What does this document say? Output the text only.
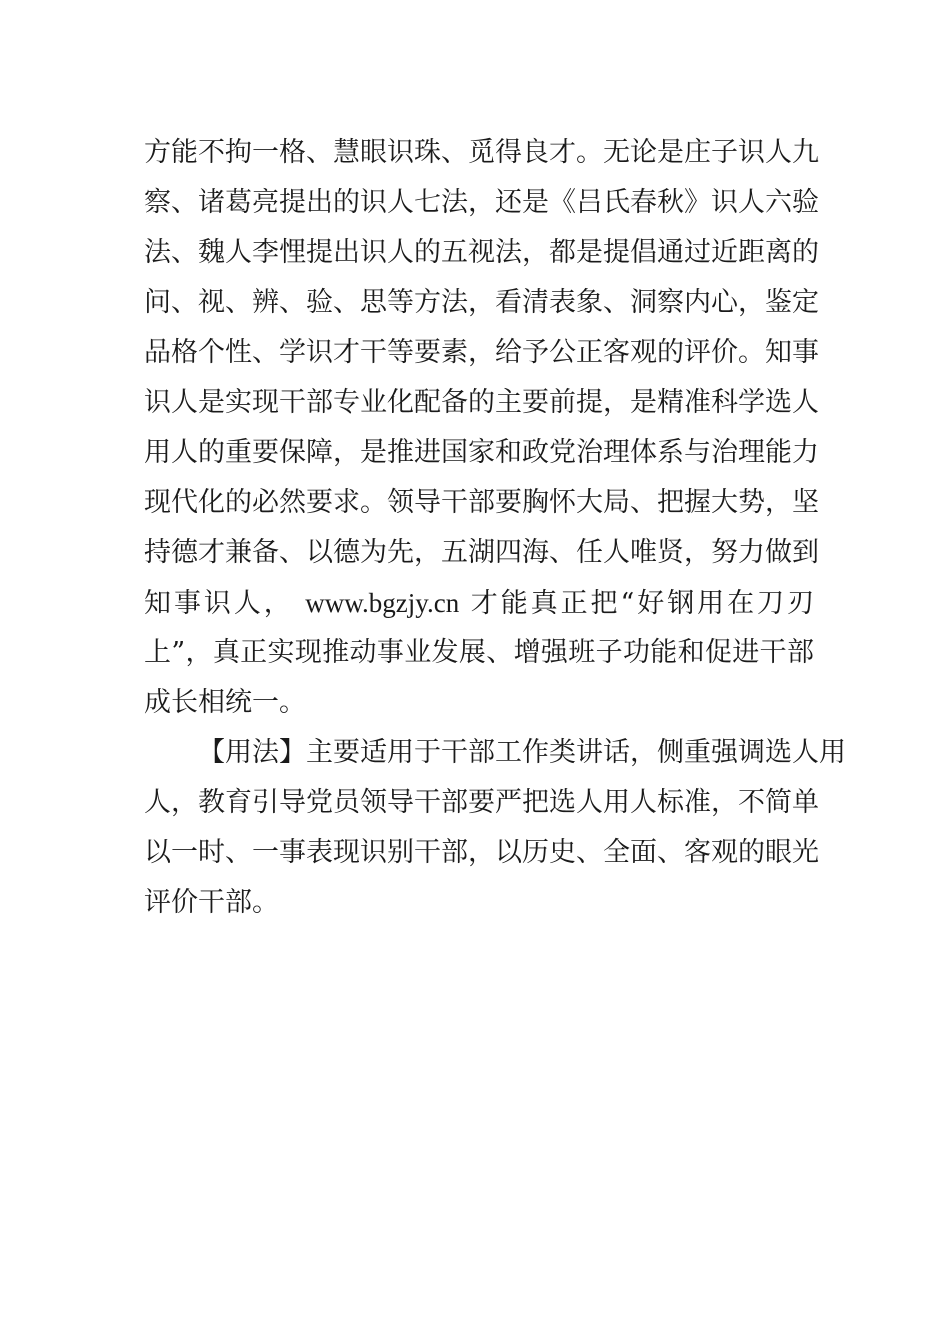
方能不拘一格、慧眼识珠、觅得良才。无论是庄子识人九
察、诸葛亮提出的识人七法，还是《吕氏春秋》识人六验
法、魏人李悝提出识人的五视法，都是提倡通过近距离的
问、视、辨、验、思等方法，看清表象、洞察内心，鉴定
品格个性、学识才干等要素，给予公正客观的评价。知事
识人是实现干部专业化配备的主要前提，是精准科学选人
用人的重要保障，是推进国家和政党治理体系与治理能力
现代化的必然要求。领导干部要胸怀大局、把握大势，坚
持德才兼备、以德为先，五湖四海、任人唯贤，努力做到
知事识人， www.bgzjy.cn 才能真正把“好钢用在刀刃
上”，真正实现推动事业发展、增强班子功能和促进干部
成长相统一。
【用法】主要适用于干部工作类讲话，侧重强调选人用
人，教育引导党员领导干部要严把选人用人标准，不简单
以一时、一事表现识别干部，以历史、全面、客观的眼光
评价干部。
